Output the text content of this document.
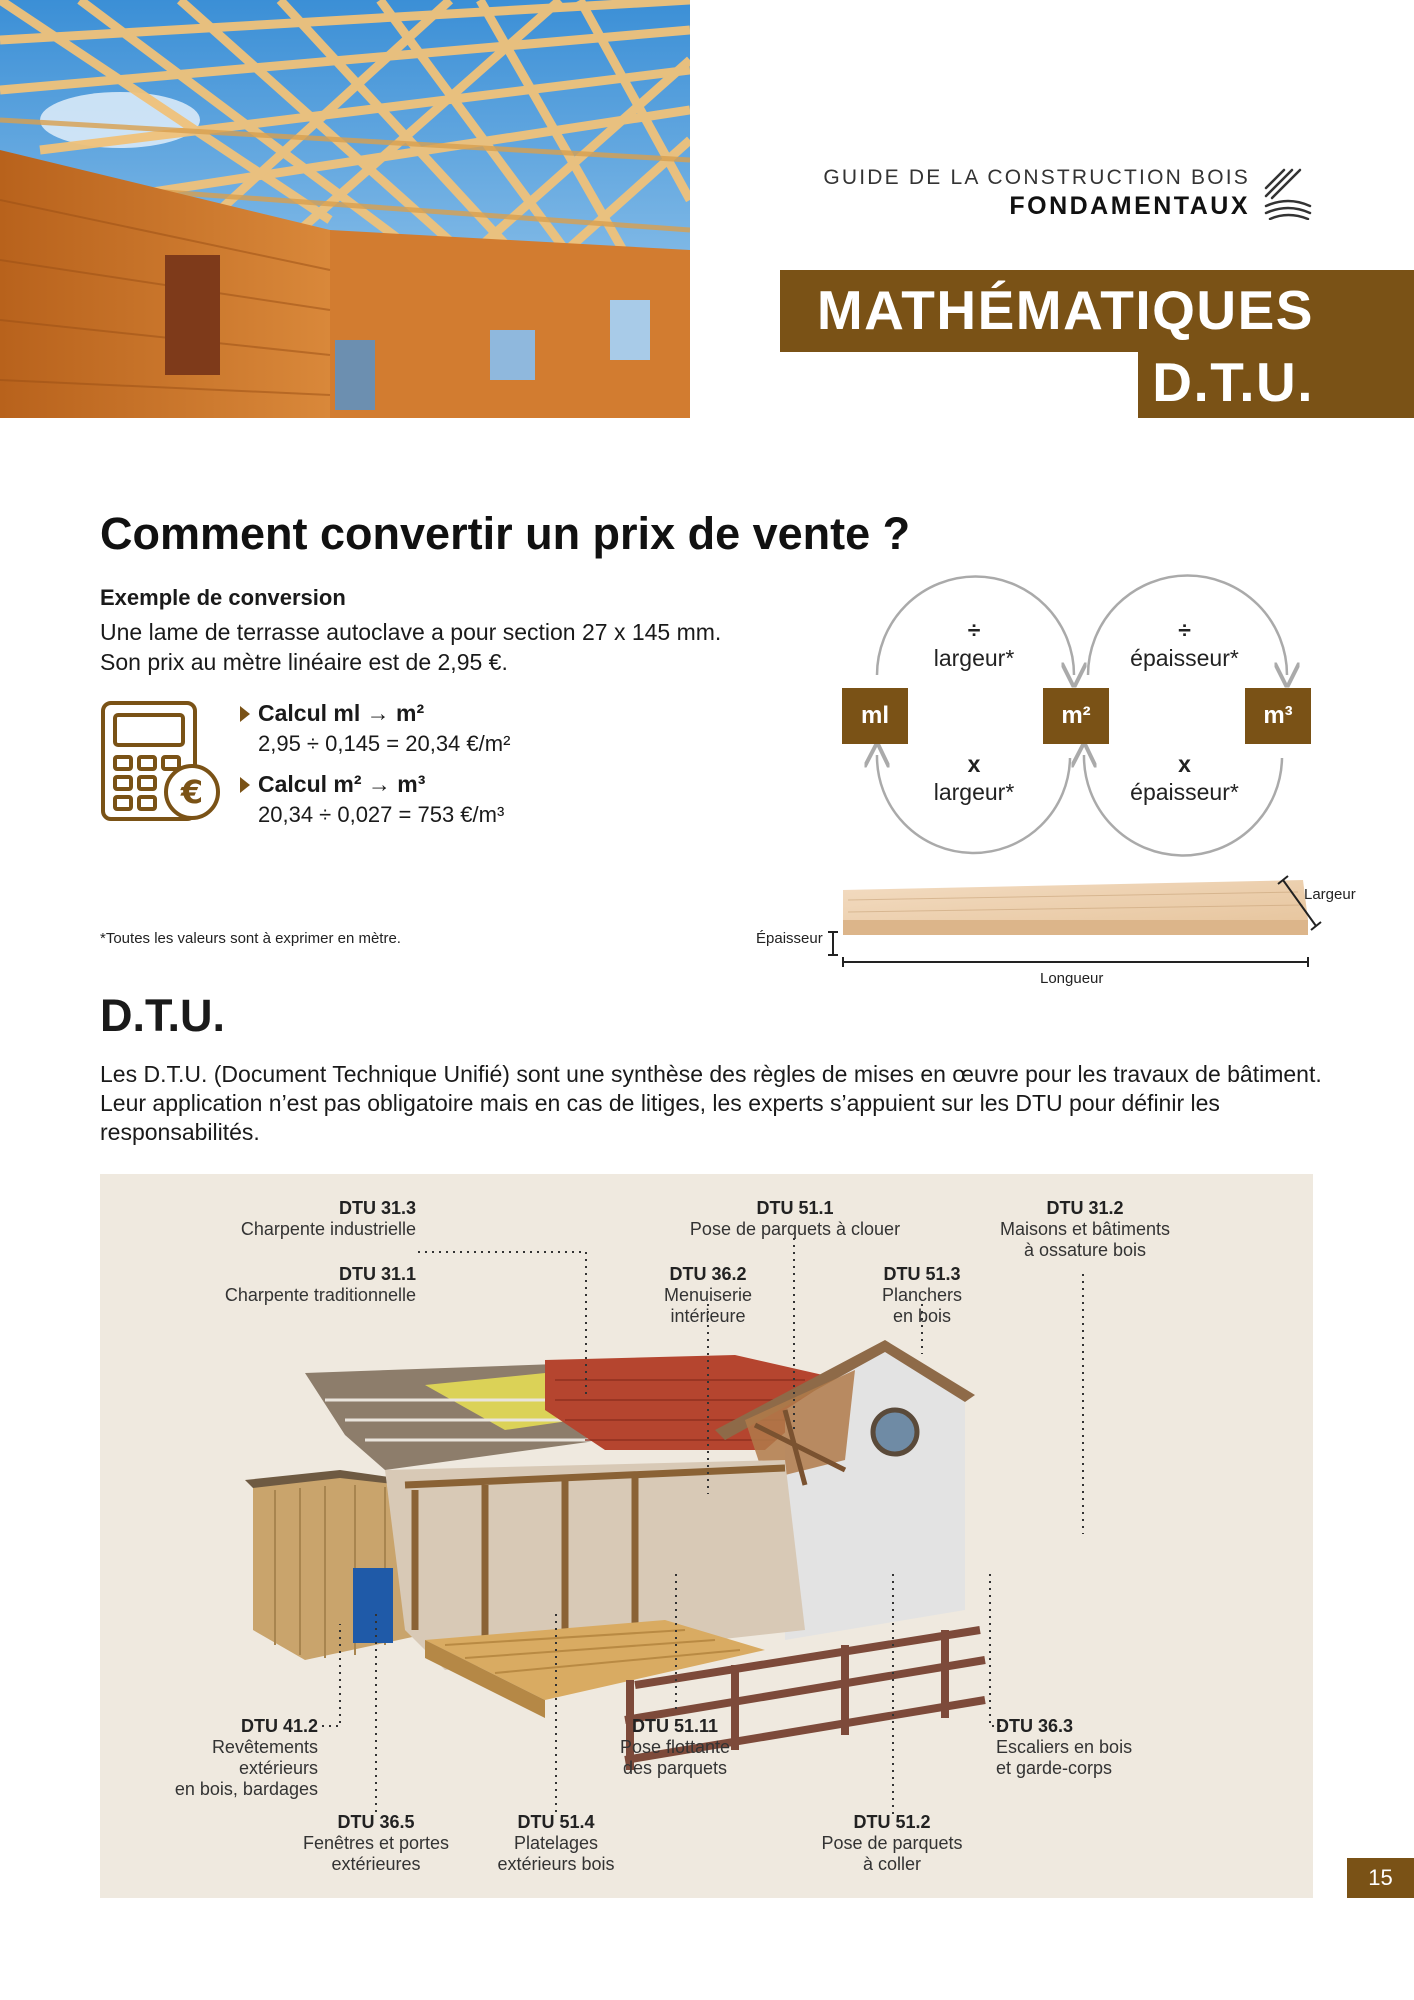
GUIDE DE LA CONSTRUCTION BOIS
FONDAMENTAUX
MATHÉMATIQUES
D.T.U.
Comment convertir un prix de vente ?
Exemple de conversion
Une lame de terrasse autoclave a pour section 27 x 145 mm.
Son prix au mètre linéaire est de 2,95 €.
€
Calcul ml → m²
2,95 ÷ 0,145 = 20,34 €/m²
Calcul m² → m³
20,34 ÷ 0,027 = 753 €/m³
*Toutes les valeurs sont à exprimer en mètre.
ml	m²	m³
÷
largeur*
÷
épaisseur*
x
largeur*
x
épaisseur*
Épaisseur
Largeur
Longueur
D.T.U.
Les D.T.U. (Document Technique Unifié) sont une synthèse des règles de mises en œuvre pour les travaux de bâtiment. Leur application n’est pas obligatoire mais en cas de litiges, les experts s’appuient sur les DTU pour définir les responsabilités.
DTU 31.3
Charpente industrielle
DTU 31.1
Charpente traditionnelle
DTU 51.1
Pose de parquets à clouer
DTU 36.2
Menuiserie
intérieure
DTU 51.3
Planchers
en bois
DTU 31.2
Maisons et bâtiments
à ossature bois
DTU 41.2
Revêtements
extérieurs
en bois, bardages
DTU 36.5
Fenêtres et portes
extérieures
DTU 51.4
Platelages
extérieurs bois
DTU 51.11
Pose flottante
des parquets
DTU 51.2
Pose de parquets
à coller
DTU 36.3
Escaliers en bois
et garde-corps
15
